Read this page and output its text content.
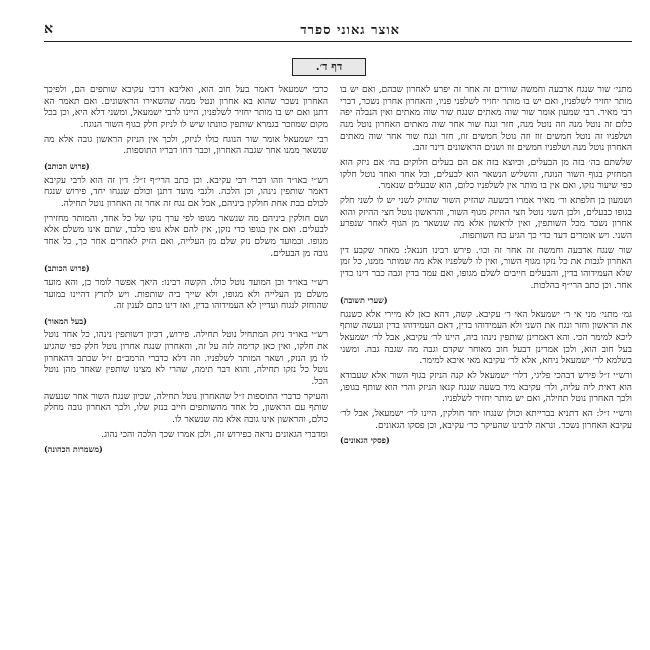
אוצר גאוני ספרד
א
דף ד׳.

מתני׳ שור שנגח ארבעה וחמשה שוורים זה אחר זה יפרע לאחרון שבהם, ואם יש בו מותר יחזיר לשלפניו, ואם יש בו מותר יחזיר לשלפני פניו, והאחרון אחרון נשכר, דברי רבי מאיר. רבי שמעון אומר שור שוה מאתים שנגח שור שוה מאתים ואין הנבלה יפה כלום זה נוטל מנה וזה נוטל מנה, חזר ונגח שור אחר שוה מאתים האחרון נוטל מנה ושלפניו זה נוטל חמשים זוז וזה נוטל חמשים זוז, חזר ונגח שור אחר שוה מאתים האחרון נוטל מנה ושלפניו חמשים זוז ושנים הראשונים דינר זהב.

שלשתם בה׳ בזה מן הבעלים, וכיוצא בזה אם הם בעלים חלוקים בה׳ אם ניזק הוא המחזיק בגוף השור הנוגח, והשליש הנשאר הוא לבעלים, וכל אחד ואחד נוטל חלקו כפי שיעור נזקו, ואם אין בו מותר אין לשלפניו כלום, הוא שבעלים שנאמר.

ושמעון בן חלפתא ור׳ מאיר אמרו דבשעה שהזיק השור שהזיק לשני יש לו לשני חלק בגופו כבעלים, ולכן השני נוטל חצי ההיזק מגוף השור, והראשון נוטל חצי ההיזק והוא אחרון נשכר מכל השותפין, ואין לראשון אלא מה שנשאר מן הגוף לאחר שנפרע השני. ויש אומרים דעד כדי כך הגיע כח השותפות.

שור שנגח ארבעה וחמשה זה אחר זה וכו׳. פירש רבינו חננאל: מאחר שקבע דין האחרון לגבות את כל נזקו מגוף השור, ואין לו לשלפניו אלא מה שמותר ממנו, כל זמן שלא העמידוהו בדין, והבעלים חייבים לשלם מגופו, ואם עמד בדין וגבה כבר דינו כדין אחר. וכן כתב הרי״ף בהלכות.

(שערי תשובה)

גמ׳ מתני׳ מני אי ר׳ ישמעאל האי ר׳ עקיבא. קשה, דהא כאן לא מיירי אלא כשנגח את הראשון וחזר ונגח את השני ולא העמידוהו בדין, דאם העמידוהו בדין ונעשה שותף ליכא למימר הכי. והא דאמרינן שותפין נינהו ביה, היינו לר׳ עקיבא, אבל לר׳ ישמעאל בעל חוב הוא, ולכן אמרינן דבעל חוב מאוחר שקדם וגבה מה שגבה גבה. ומשני בשלמא לר׳ ישמעאל ניחא, אלא לר׳ עקיבא מאי איכא למימר.

ורש״י ז״ל פירש דבהכי פליגי, דלר׳ ישמעאל לא קנה הניזק בגוף השור אלא שעבודא הוא דאית ליה עליה, ולר׳ עקיבא מיד בשעה שנגח קנאו הניזק והרי הוא שותף בגופו, ולכך האחרון נוטל תחילה, ואם יש מותר יחזיר לשלפניו.

ורש״י ז״ל: הא דתניא בברייתא וכולן שנגחו יחד חולקין, היינו לר׳ ישמעאל, אבל לר׳ עקיבא האחרון נשכר. ונראה לרבינו שהעיקר כר׳ עקיבא, וכן פסקו הגאונים.

(פסקי הגאונים)

כרבי ישמעאל דאמר בעל חוב הוא, ואליבא דרבי עקיבא שותפים הם, ולפיכך האחרון נשכר שהוא בא אחרון ונטל ממה שהשאירו הראשונים. ואם תאמר הא דתנן ואם יש בו מותר יחזיר לשלפניו, היינו לרבי ישמעאל, ומשני דלא היא, וכן בכל מקום שמוזכר בגמרא שותפין כוונתו שיש לו לניזק חלק בגוף השור הנוגח.

רבי ישמעאל אומר שור הנוגח כולו לניזק, ולכך אין הניזק הראשון גובה אלא מה שנשאר ממנו אחר שגבה האחרון, וכבר דחו דבריו התוספות.

(פרוש הכותב)

רש״י באו״ד וזהו דברי רבי עקיבא. וכן כתב הרי״ף ז״ל: דין זה הוא לרבי עקיבא דאמר שותפין נינהו, וכן הלכה. ולגבי מועד דתנן וכולם שנגחו יחד, פירוש שנגח לכולם בבת אחת חולקין ביניהם, אבל אם נגח זה אחר זה האחרון נוטל תחילה.

ושם חולקין ביניהם מה שנשאר מגופו לפי ערך נזקו של כל אחד, והמותר מחזירין לבעלים. ואם אין בגופו כדי נזקן, אין להם אלא גופו בלבד, שתם אינו משלם אלא מגופו. ובמועד משלם נזק שלם מן העלייה, ואם הזיק לאחרים אחר כך, כל אחד גובה מן הבעלים.

(פרוש הכותב)

רש״י באו״ד וכן המועד נוטל כולו. הקשה רבינו: היאך אפשר לומר כן, והא מועד משלם מן העלייה ולא מגופו, ולא שייך ביה שותפות. ויש לתרץ דהיינו במועד שהוחזק לנגוח ועדיין לא העמידוהו בדין, ואז דינו כתם לענין זה.

(בעל המאור)

רש״י באו״ד ניזק המתחיל נוטל תחילה. פירוש, דכיון דשותפין נינהו, כל אחד נוטל את חלקו, ואין כאן קדימה לזה על זה, והאחרון שנגח אחרון נוטל חלק כפי שהגיע לו מן הנזק, ושאר המותר לשלפניו. וזה דלא כדברי הרמב״ם ז״ל שכתב דהאחרון נוטל כל נזקו תחילה, והוא דבר תימה, שהרי לא מצינו שותפין שאחד מהן נוטל הכל.

והעיקר כדברי התוספות ז״ל שהאחרון נוטל תחילה, שכיון שנגח השור אחר שנעשה שותף עם הראשון, כל אחד מהשותפים חייב בנזק שלו, ולכך האחרון גובה מחלק כולם, והראשון אינו גובה אלא מה שנשאר לו.

ומדברי הגאונים נראה כפירוש זה, ולכן אמרו שכך הלכה והכי נהוג.

(משמרות הכהונה)
